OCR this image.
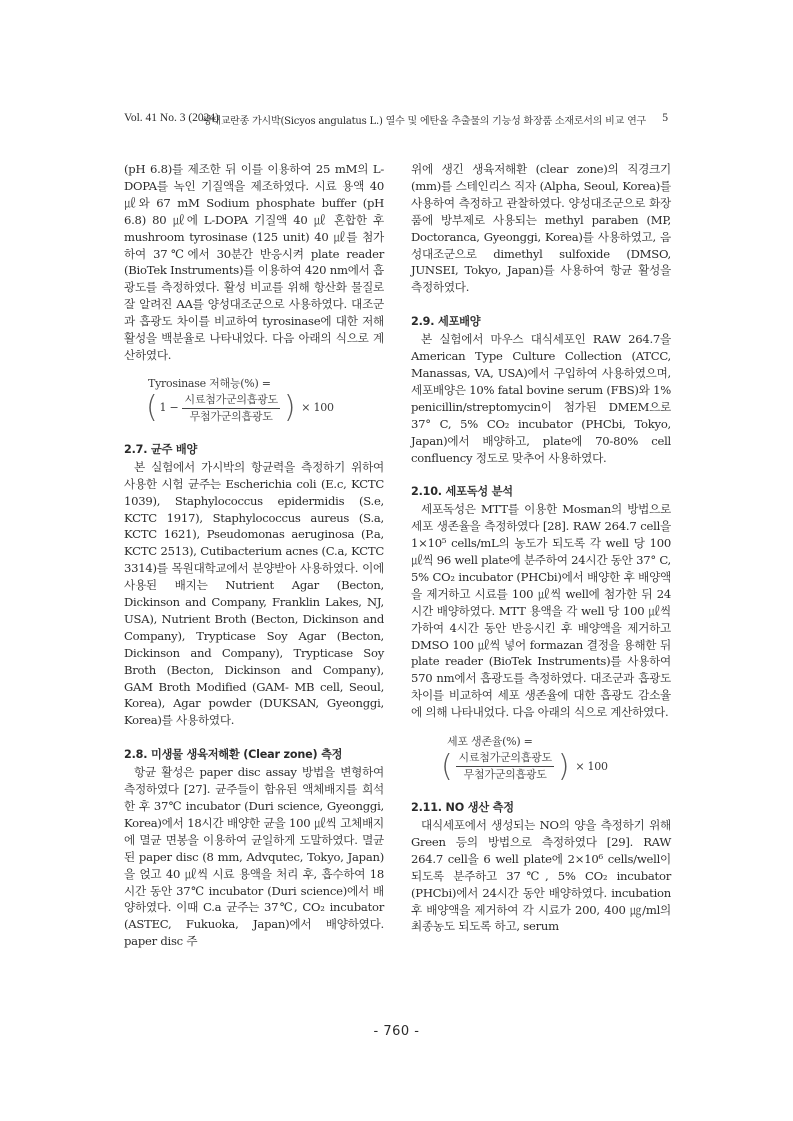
Vol. 41 No. 3 (2024)
생태교란종 가시박(Sicyos angulatus L.) 열수 및 에탄올 추출물의 기능성 화장품 소재로서의 비교 연구 5

(pH 6.8)를 제조한 뒤 이를 이용하여 25 mM의 L-DOPA를 녹인 기질액을 제조하였다. 시료 용액 40 ㎕와 67 mM Sodium phosphate buffer (pH 6.8) 80 ㎕에 L-DOPA 기질액 40 ㎕ 혼합한 후 mushroom tyrosinase (125 unit) 40 ㎕를 첨가하여 37℃에서 30분간 반응시켜 plate reader (BioTek Instruments)를 이용하여 420 nm에서 흡광도를 측정하였다. 활성 비교를 위해 항산화 물질로 잘 알려진 AA를 양성대조군으로 사용하였다. 대조군과 흡광도 차이를 비교하여 tyrosinase에 대한 저해 활성을 백분율로 나타내었다. 다음 아래의 식으로 계산하였다.

Tyrosinase 저해능(%) =
( $1 - \frac{\text{시료첨가군의흡광도}}{\text{무첨가군의흡광도}}$ ) × 100
2.7. 균주 배양

본 실험에서 가시박의 항균력을 측정하기 위하여 사용한 시험 균주는 Escherichia coli (E.c, KCTC 1039), Staphylococcus epidermidis (S.e, KCTC 1917), Staphylococcus aureus (S.a, KCTC 1621), Pseudomonas aeruginosa (P.a, KCTC 2513), Cutibacterium acnes (C.a, KCTC 3314)를 목원대학교에서 분양받아 사용하였다. 이에 사용된 배지는 Nutrient Agar (Becton, Dickinson and Company, Franklin Lakes, NJ, USA), Nutrient Broth (Becton, Dickinson and Company), Trypticase Soy Agar (Becton, Dickinson and Company), Trypticase Soy Broth (Becton, Dickinson and Company), GAM Broth Modified (GAM- MB cell, Seoul, Korea), Agar powder (DUKSAN, Gyeonggi, Korea)를 사용하였다.

2.8. 미생물 생육저해환 (Clear zone) 측정

항균 활성은 paper disc assay 방법을 변형하여 측정하였다 [27]. 균주들이 함유된 액체배지를 희석한 후 37℃ incubator (Duri science, Gyeonggi, Korea)에서 18시간 배양한 균을 100 ㎕씩 고체배지에 멸균 면봉을 이용하여 균일하게 도말하였다. 멸균된 paper disc (8 mm, Advqutec, Tokyo, Japan)을 얹고 40 ㎕씩 시료 용액을 처리 후, 흡수하여 18시간 동안 37℃ incubator (Duri science)에서 배양하였다. 이때 C.a 균주는 37℃, CO₂ incubator (ASTEC, Fukuoka, Japan)에서 배양하였다. paper disc 주

위에 생긴 생육저해환 (clear zone)의 직경크기(mm)를 스테인리스 직자 (Alpha, Seoul, Korea)를 사용하여 측정하고 관찰하였다. 양성대조군으로 화장품에 방부제로 사용되는 methyl paraben (MP, Doctoranca, Gyeonggi, Korea)를 사용하였고, 음성대조군으로 dimethyl sulfoxide (DMSO, JUNSEI, Tokyo, Japan)를 사용하여 항균 활성을 측정하였다.

2.9. 세포배양

본 실험에서 마우스 대식세포인 RAW 264.7을 American Type Culture Collection (ATCC, Manassas, VA, USA)에서 구입하여 사용하였으며, 세포배양은 10% fatal bovine serum (FBS)와 1% penicillin/streptomycin이 첨가된 DMEM으로 37° C, 5% CO₂ incubator (PHCbi, Tokyo, Japan)에서 배양하고, plate에 70-80% cell confluency 정도로 맞추어 사용하였다.

2.10. 세포독성 분석

세포독성은 MTT를 이용한 Mosman의 방법으로 세포 생존율을 측정하였다 [28]. RAW 264.7 cell을 1×10⁵ cells/mL의 농도가 되도록 각 well 당 100 ㎕씩 96 well plate에 분주하여 24시간 동안 37° C, 5% CO₂ incubator (PHCbi)에서 배양한 후 배양액을 제거하고 시료를 100 ㎕씩 well에 첨가한 뒤 24시간 배양하였다. MTT 용액을 각 well 당 100 ㎕씩 가하여 4시간 동안 반응시킨 후 배양액을 제거하고 DMSO 100 ㎕씩 넣어 formazan 결정을 용해한 뒤 plate reader (BioTek Instruments)를 사용하여 570 nm에서 흡광도를 측정하였다. 대조군과 흡광도 차이를 비교하여 세포 생존율에 대한 흡광도 감소율에 의해 나타내었다. 다음 아래의 식으로 계산하였다.

세포 생존율(%) =
( $\frac{\text{시료첨가군의흡광도}}{\text{무첨가군의흡광도}}$ ) × 100
2.11. NO 생산 측정

대식세포에서 생성되는 NO의 양을 측정하기 위해 Green 등의 방법으로 측정하였다 [29]. RAW 264.7 cell을 6 well plate에 2×10⁶ cells/well이 되도록 분주하고 37℃, 5% CO₂ incubator (PHCbi)에서 24시간 동안 배양하였다. incubation 후 배양액을 제거하여 각 시료가 200, 400 ㎍/ml의 최종농도 되도록 하고, serum

- 760 -
